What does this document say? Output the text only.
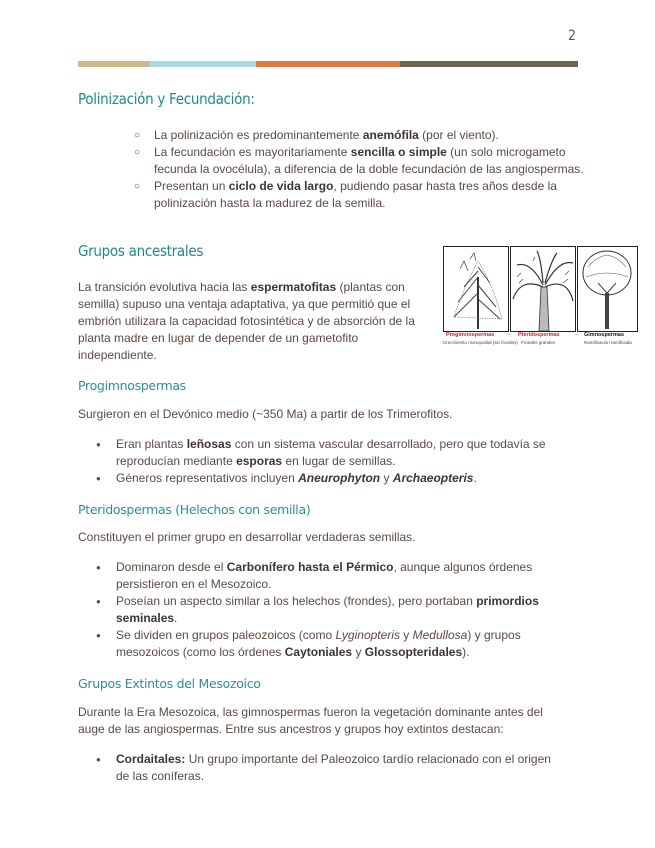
2
Polinización y Fecundación:
○ La polinización es predominantemente anemófila (por el viento).
○ La fecundación es mayoritariamente sencilla o simple (un solo microgameto fecunda la ovocélula), a diferencia de la doble fecundación de las angiospermas.
○ Presentan un ciclo de vida largo, pudiendo pasar hasta tres años desde la polinización hasta la madurez de la semilla.
Grupos ancestrales

La transición evolutiva hacia las espermatofitas (plantas con semilla) supuso una ventaja adaptativa, ya que permitió que el embrión utilizara la capacidad fotosintética y de absorción de la planta madre en lugar de depender de un gametofito independiente.

Progimnospermas → Pteridospermas	→ Gimnospermas
Crecimiento monopodial (sin frondes) Frondes grandes	Ramificación ramificada
Progimnospermas

Surgieron en el Devónico medio (~350 Ma) a partir de los Trimerofitos.

● Eran plantas leñosas con un sistema vascular desarrollado, pero que todavía se reproducían mediante esporas en lugar de semillas.
● Géneros representativos incluyen Aneurophyton y Archaeopteris.
Pteridospermas (Helechos con semilla)

Constituyen el primer grupo en desarrollar verdaderas semillas.

● Dominaron desde el Carbonífero hasta el Pérmico, aunque algunos órdenes persistieron en el Mesozoico.
● Poseían un aspecto similar a los helechos (frondes), pero portaban primordios seminales.
● Se dividen en grupos paleozoicos (como Lyginopteris y Medullosa) y grupos mesozoicos (como los órdenes Caytoniales y Glossopteridales).
Grupos Extintos del Mesozoico

Durante la Era Mesozoica, las gimnospermas fueron la vegetación dominante antes del auge de las angiospermas. Entre sus ancestros y grupos hoy extintos destacan:

● Cordaitales: Un grupo importante del Paleozoico tardío relacionado con el origen de las coníferas.
